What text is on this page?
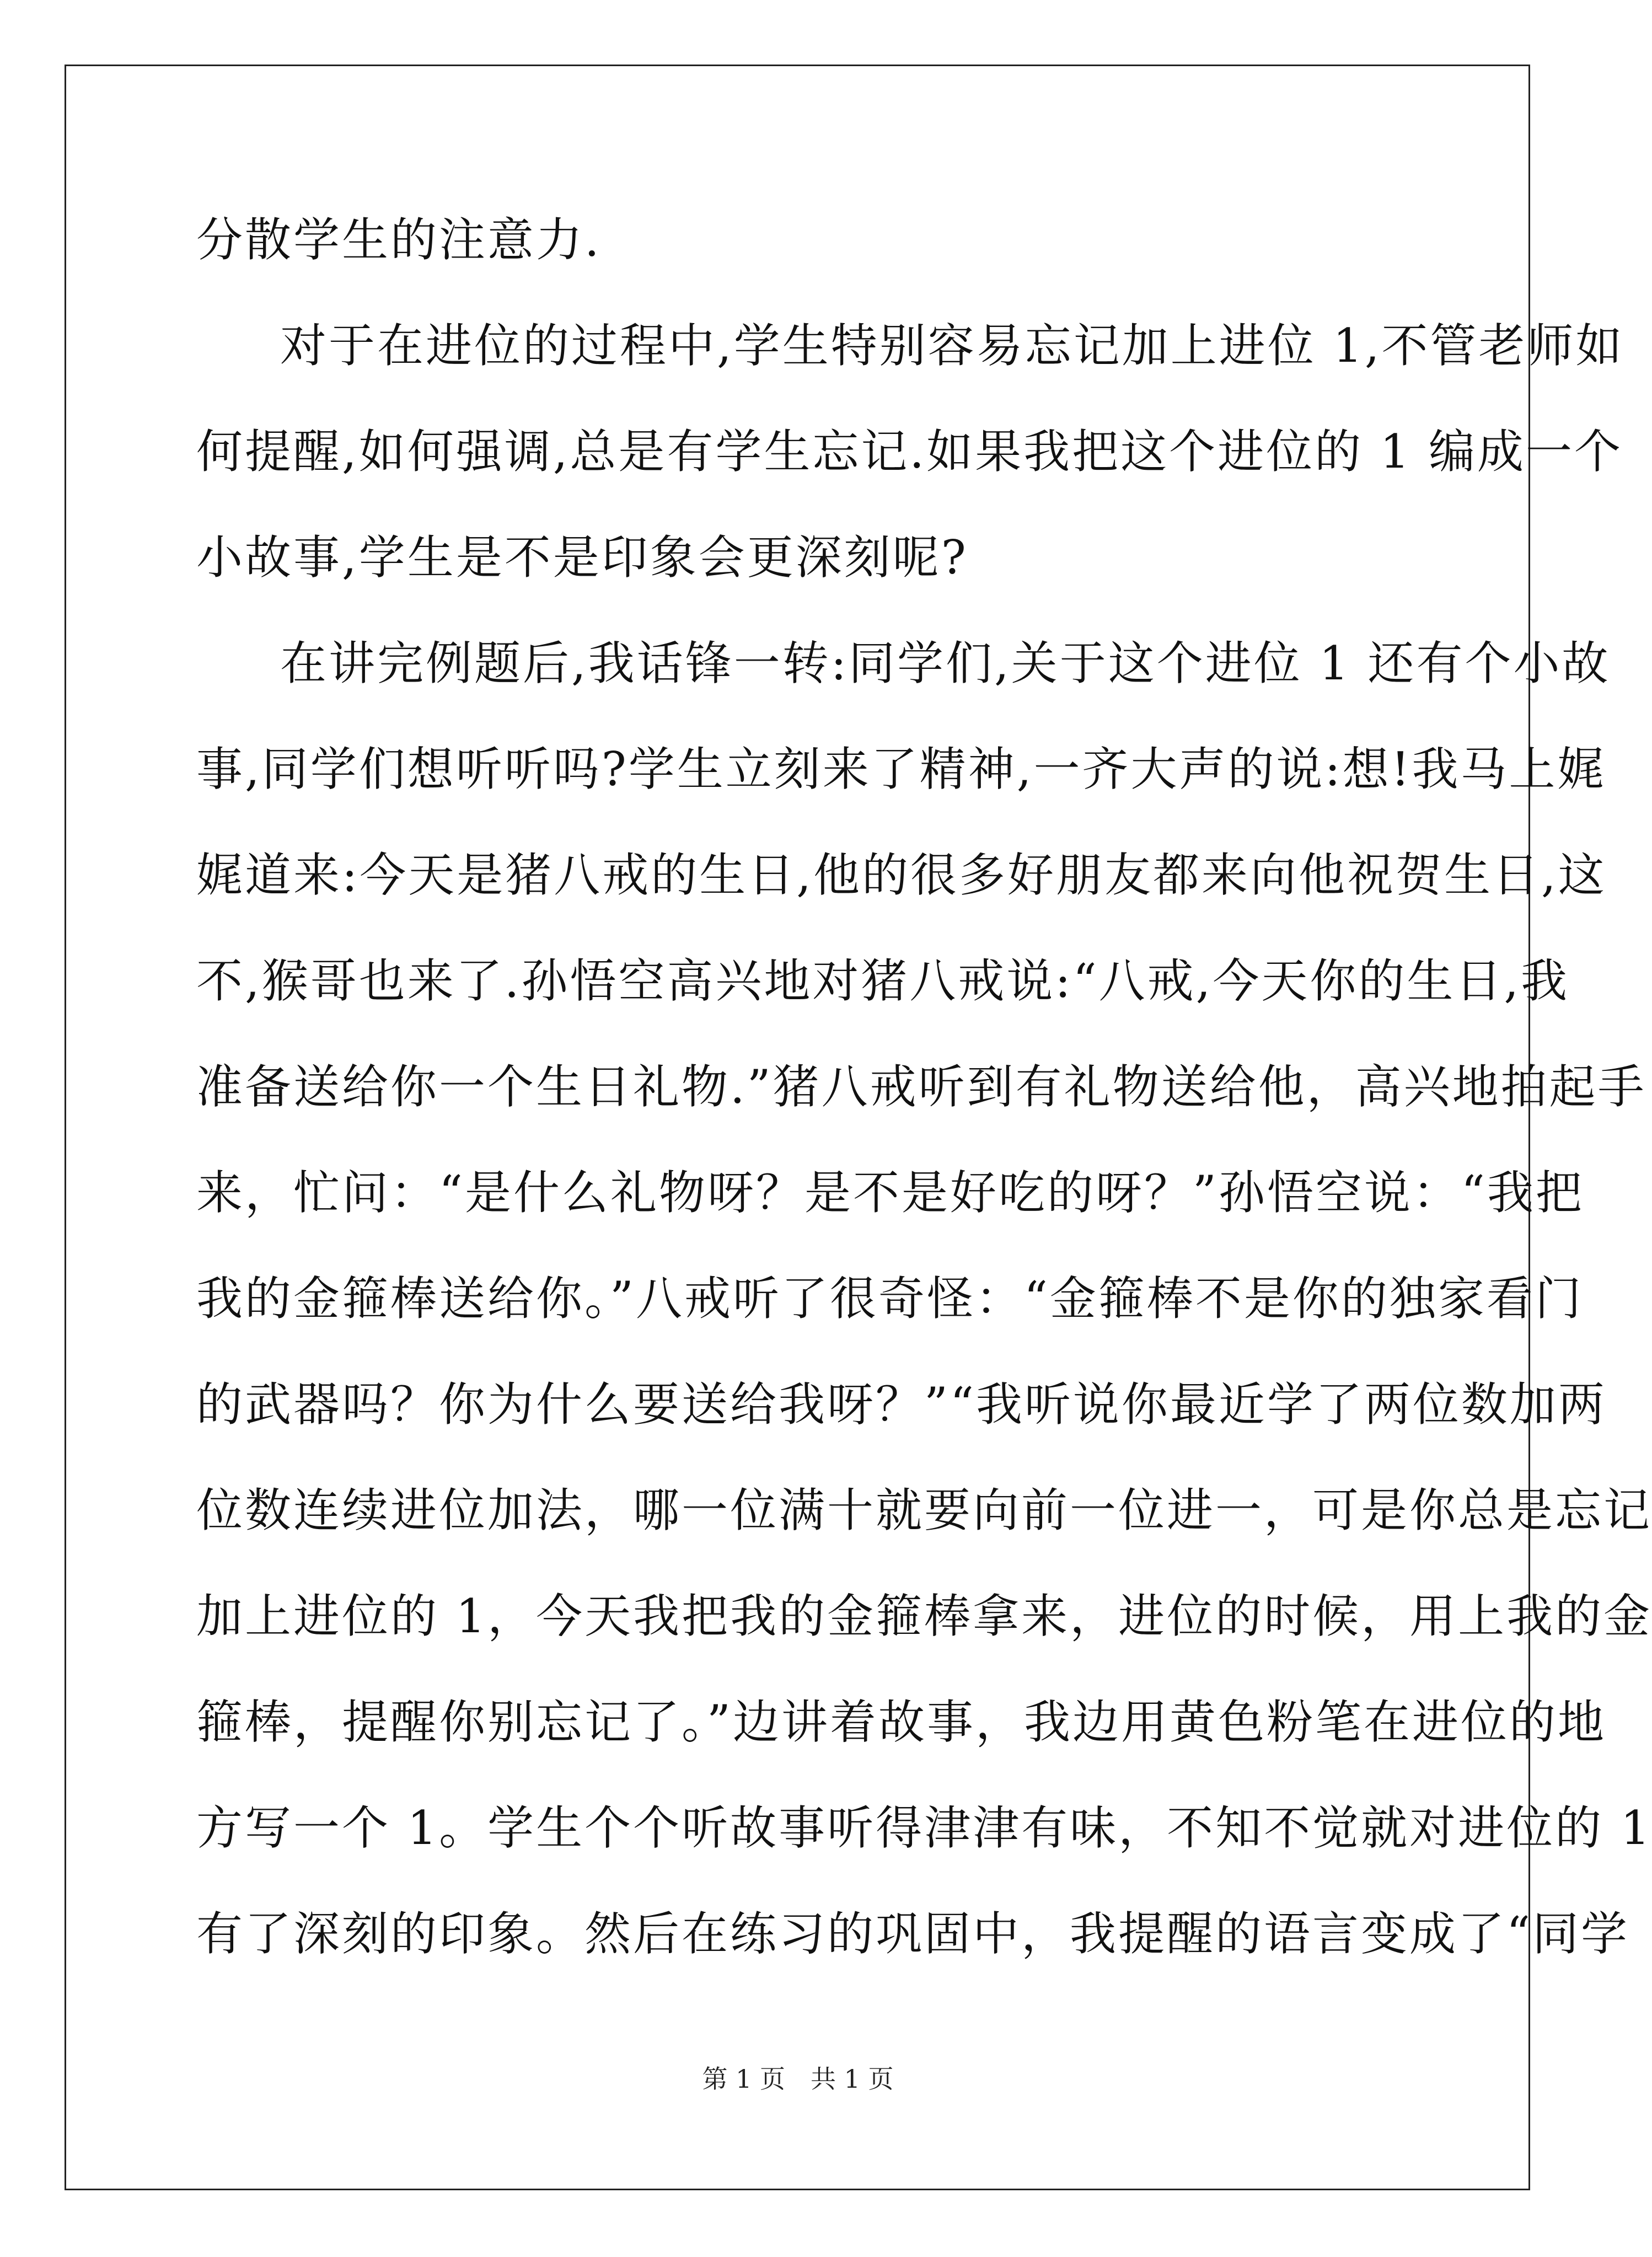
分散学生的注意力.

对于在进位的过程中,学生特别容易忘记加上进位 1,不管老师如

何提醒,如何强调,总是有学生忘记.如果我把这个进位的 1 编成一个

小故事,学生是不是印象会更深刻呢?

在讲完例题后,我话锋一转:同学们,关于这个进位 1 还有个小故

事,同学们想听听吗?学生立刻来了精神,一齐大声的说:想!我马上娓

娓道来:今天是猪八戒的生日,他的很多好朋友都来向他祝贺生日,这

不,猴哥也来了.孙悟空高兴地对猪八戒说:“八戒,今天你的生日,我

准备送给你一个生日礼物.”猪八戒听到有礼物送给他，高兴地拍起手

来，忙问：“是什么礼物呀？是不是好吃的呀？”孙悟空说：“我把

我的金箍棒送给你。”八戒听了很奇怪：“金箍棒不是你的独家看门

的武器吗？你为什么要送给我呀？”“我听说你最近学了两位数加两

位数连续进位加法，哪一位满十就要向前一位进一，可是你总是忘记

加上进位的 1，今天我把我的金箍棒拿来，进位的时候，用上我的金

箍棒，提醒你别忘记了。”边讲着故事，我边用黄色粉笔在进位的地

方写一个 1。学生个个听故事听得津津有味，不知不觉就对进位的 1

有了深刻的印象。然后在练习的巩固中，我提醒的语言变成了“同学

第 1 页　共 1 页
